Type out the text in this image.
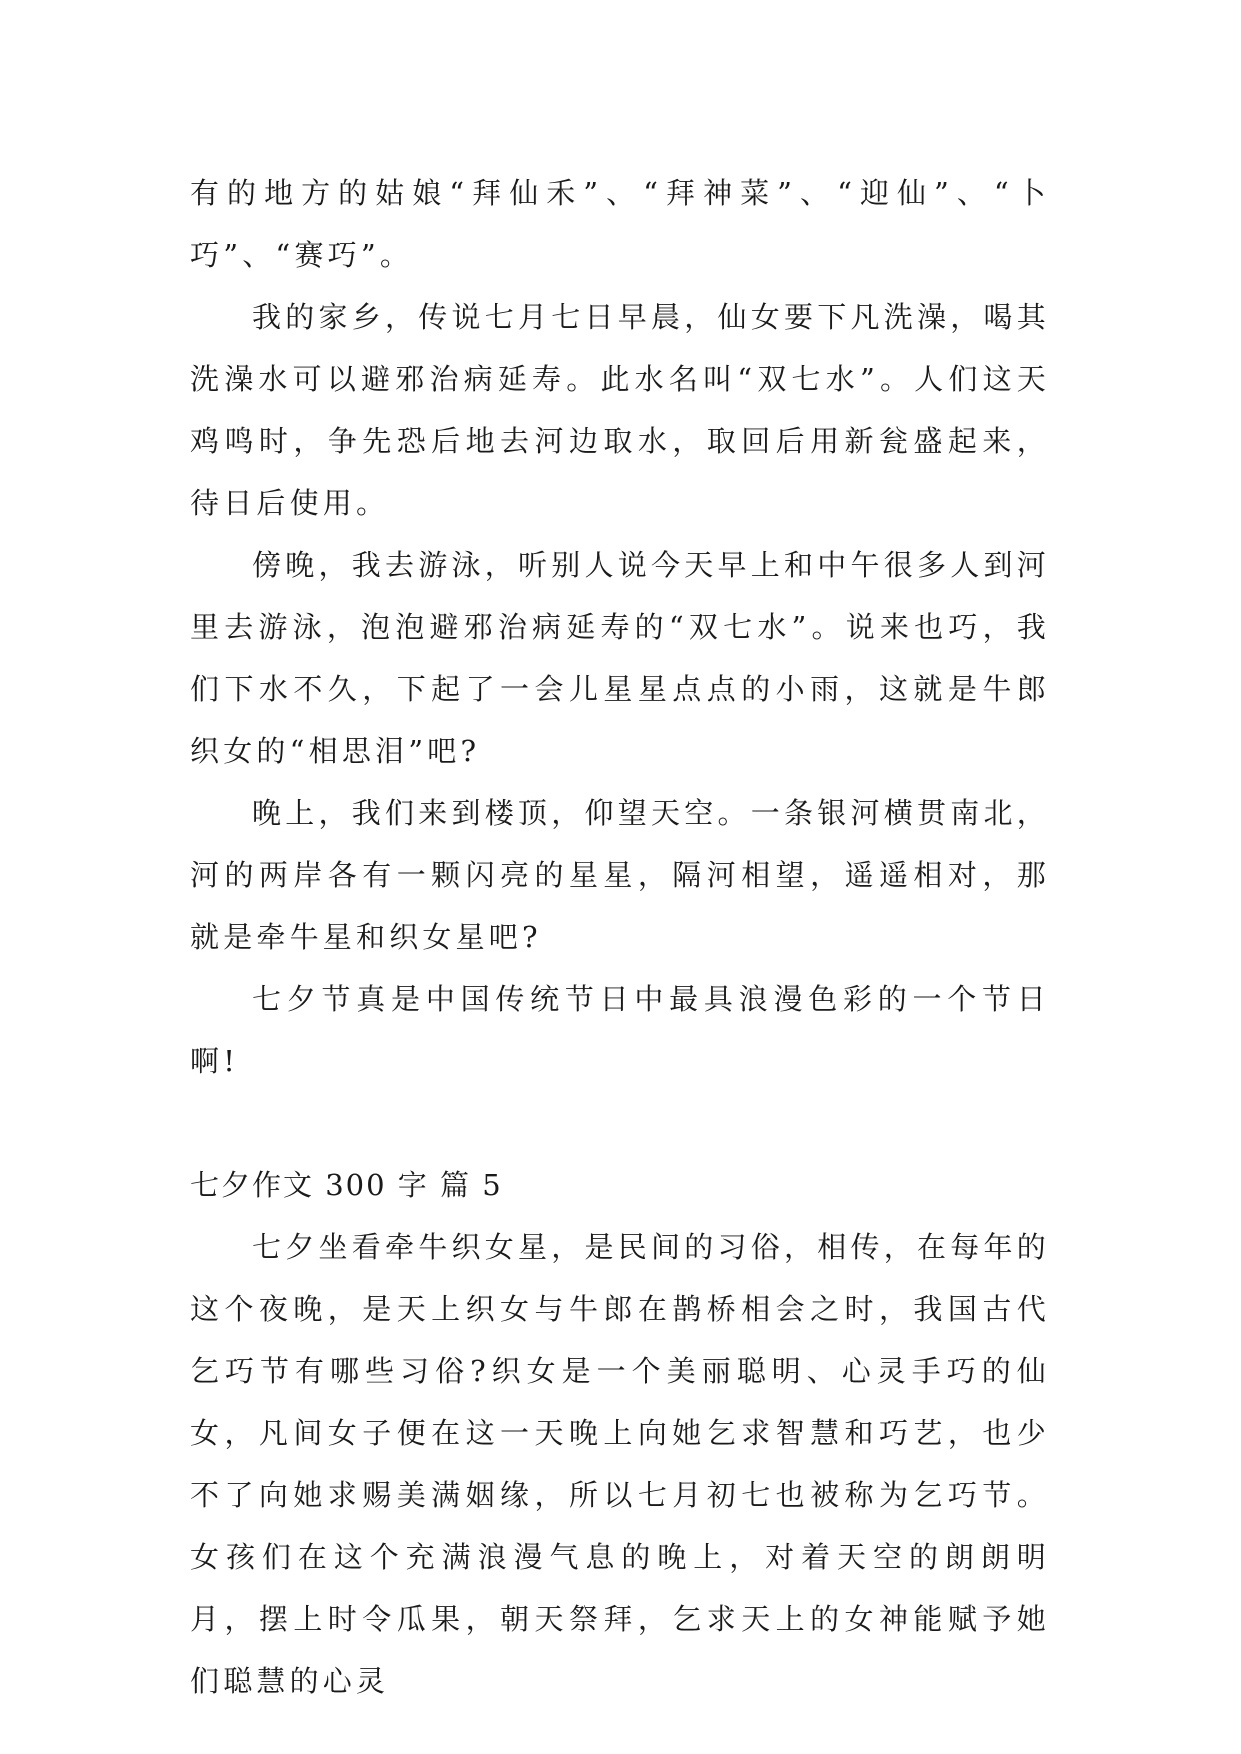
有的地方的姑娘“拜仙禾”、“拜神菜”、“迎仙”、“卜巧”、“赛巧”。

我的家乡，传说七月七日早晨，仙女要下凡洗澡，喝其洗澡水可以避邪治病延寿。此水名叫“双七水”。人们这天鸡鸣时，争先恐后地去河边取水，取回后用新瓮盛起来，待日后使用。

傍晚，我去游泳，听别人说今天早上和中午很多人到河里去游泳，泡泡避邪治病延寿的“双七水”。说来也巧，我们下水不久，下起了一会儿星星点点的小雨，这就是牛郎织女的“相思泪”吧?

晚上，我们来到楼顶，仰望天空。一条银河横贯南北，河的两岸各有一颗闪亮的星星，隔河相望，遥遥相对，那就是牵牛星和织女星吧?

七夕节真是中国传统节日中最具浪漫色彩的一个节日啊!

七夕作文 300 字 篇 5

七夕坐看牵牛织女星，是民间的习俗，相传，在每年的这个夜晚，是天上织女与牛郎在鹊桥相会之时，我国古代乞巧节有哪些习俗?织女是一个美丽聪明、心灵手巧的仙女，凡间女子便在这一天晚上向她乞求智慧和巧艺，也少不了向她求赐美满姻缘，所以七月初七也被称为乞巧节。 女孩们在这个充满浪漫气息的晚上，对着天空的朗朗明月，摆上时令瓜果，朝天祭拜，乞求天上的女神能赋予她们聪慧的心灵
